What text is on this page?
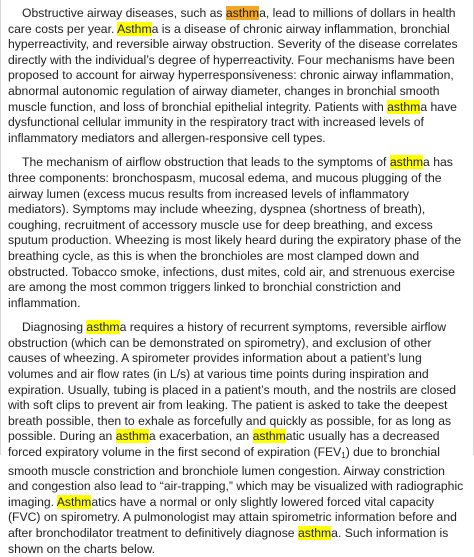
Obstructive airway diseases, such as asthma, lead to millions of dollars in health care costs per year. Asthma is a disease of chronic airway inflammation, bronchial hyperreactivity, and reversible airway obstruction. Severity of the disease correlates directly with the individual’s degree of hyperreactivity. Four mechanisms have been proposed to account for airway hyperresponsiveness: chronic airway inflammation, abnormal autonomic regulation of airway diameter, changes in bronchial smooth muscle function, and loss of bronchial epithelial integrity. Patients with asthma have dysfunctional cellular immunity in the respiratory tract with increased levels of inflammatory mediators and allergen-responsive cell types.

The mechanism of airflow obstruction that leads to the symptoms of asthma has three components: bronchospasm, mucosal edema, and mucous plugging of the airway lumen (excess mucus results from increased levels of inflammatory mediators). Symptoms may include wheezing, dyspnea (shortness of breath), coughing, recruitment of accessory muscle use for deep breathing, and excess sputum production. Wheezing is most likely heard during the expiratory phase of the breathing cycle, as this is when the bronchioles are most clamped down and obstructed. Tobacco smoke, infections, dust mites, cold air, and strenuous exercise are among the most common triggers linked to bronchial constriction and inflammation.

Diagnosing asthma requires a history of recurrent symptoms, reversible airflow obstruction (which can be demonstrated on spirometry), and exclusion of other causes of wheezing. A spirometer provides information about a patient’s lung volumes and air flow rates (in L/s) at various time points during inspiration and expiration. Usually, tubing is placed in a patient’s mouth, and the nostrils are closed with soft clips to prevent air from leaking. The patient is asked to take the deepest breath possible, then to exhale as forcefully and quickly as possible, for as long as possible. During an asthma exacerbation, an asthmatic usually has a decreased forced expiratory volume in the first second of expiration $(FEV_1)$ due to bronchial smooth muscle constriction and bronchiole lumen congestion. Airway constriction and congestion also lead to “air-trapping,” which may be visualized with radiographic imaging. Asthmatics have a normal or only slightly lowered forced vital capacity (FVC) on spirometry. A pulmonologist may attain spirometric information before and after bronchodilator treatment to definitively diagnose asthma. Such information is shown on the charts below.
